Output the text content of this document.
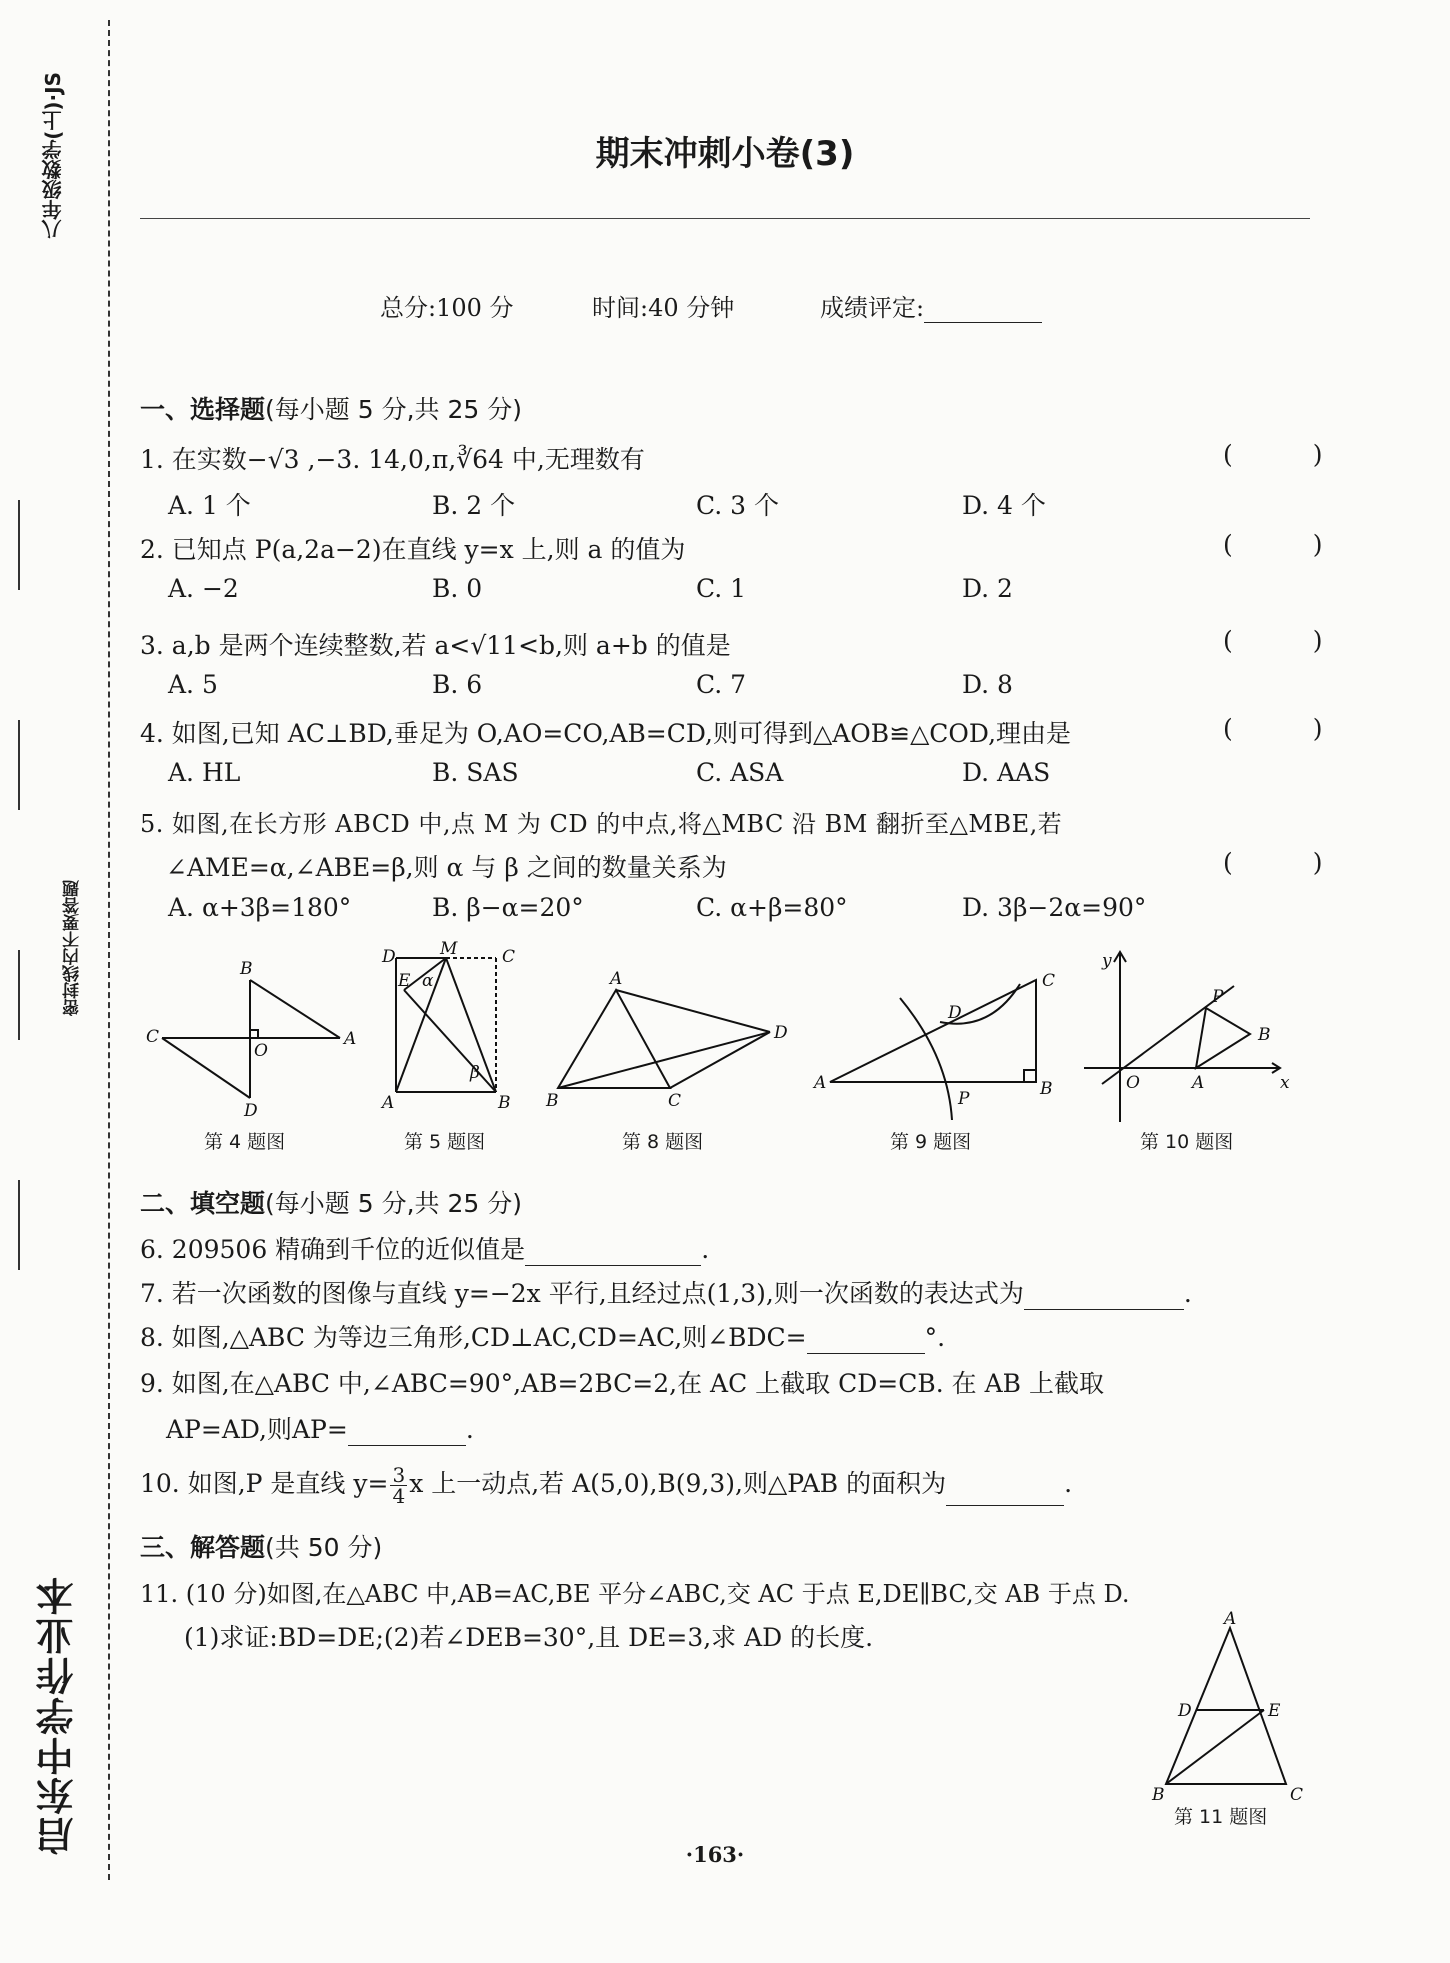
八年级数学(上)·JS
密封线内不要答题
启东中学作业本
期末冲刺小卷(3)
总分:100 分	时间:40 分钟	成绩评定:
一、选择题(每小题 5 分,共 25 分)
1. 在实数−√3 ,−3. 14,0,π,∛64 中,无理数有	( )
A. 1 个	B. 2 个	C. 3 个	D. 4 个
2. 已知点 P(a,2a−2)在直线 y=x 上,则 a 的值为	( )
A. −2	B. 0	C. 1	D. 2
3. a,b 是两个连续整数,若 a<√11<b,则 a+b 的值是	( )
A. 5	B. 6	C. 7	D. 8
4. 如图,已知 AC⊥BD,垂足为 O,AO=CO,AB=CD,则可得到△AOB≌△COD,理由是	( )
A. HL	B. SAS	C. ASA	D. AAS
5. 如图,在长方形 ABCD 中,点 M 为 CD 的中点,将△MBC 沿 BM 翻折至△MBE,若
∠AME=α,∠ABE=β,则 α 与 β 之间的数量关系为	( )
A. α+3β=180°	B. β−α=20°	C. α+β=80°	D. 3β−2α=90°
B
C
O
A
D
D	M	C
E α
β
A	B
A
D
B	C
A
C
D
P	B
y
P
B
O	A	x
第 4 题图	第 5 题图	第 8 题图	第 9 题图	第 10 题图
二、填空题(每小题 5 分,共 25 分)
6. 209506 精确到千位的近似值是	.
7. 若一次函数的图像与直线 y=−2x 平行,且经过点(1,3),则一次函数的表达式为	.
8. 如图,△ABC 为等边三角形,CD⊥AC,CD=AC,则∠BDC=	°.
9. 如图,在△ABC 中,∠ABC=90°,AB=2BC=2,在 AC 上截取 CD=CB. 在 AB 上截取
AP=AD,则AP=	.
10. 如图,P 是直线 $y= \frac{3}{4}$ x 上一动点,若 A(5,0),B(9,3),则△PAB 的面积为	.
三、解答题(共 50 分)
11. (10 分)如图,在△ABC 中,AB=AC,BE 平分∠ABC,交 AC 于点 E,DE∥BC,交 AB 于点 D.
(1)求证:BD=DE;(2)若∠DEB=30°,且 DE=3,求 AD 的长度.
A
D	E
B	C
第 11 题图
·163·
